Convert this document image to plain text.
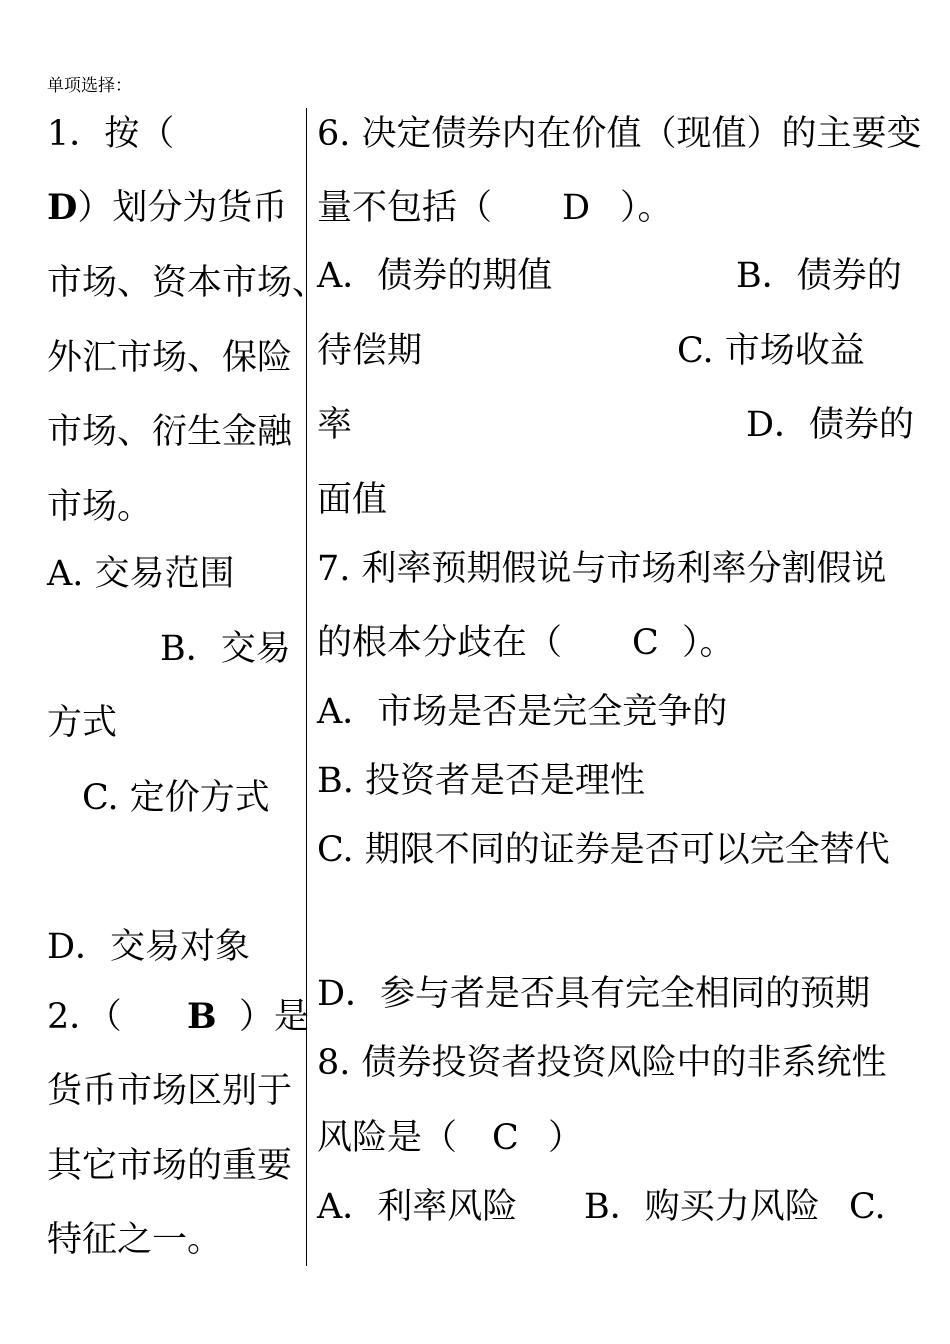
单项选择：
1．按（
D）划分为货币
市场、资本市场、
外汇市场、保险
市场、衍生金融
市场。
A. 交易范围
B．交易
方式
C. 定价方式
D．交易对象
2．（ B ）是
货币市场区别于
其它市场的重要
特征之一。
6. 决定债券内在价值（现值）的主要变
量不包括（ D ）。
A．债券的期值	B．债券的
待偿期	C. 市场收益
率	D．债券的
面值
7. 利率预期假说与市场利率分割假说
的根本分歧在（ C ）。
A．市场是否是完全竞争的
B. 投资者是否是理性
C. 期限不同的证券是否可以完全替代
D．参与者是否具有完全相同的预期
8. 债券投资者投资风险中的非系统性
风险是（ C ）
A．利率风险 B．购买力风险 C.
